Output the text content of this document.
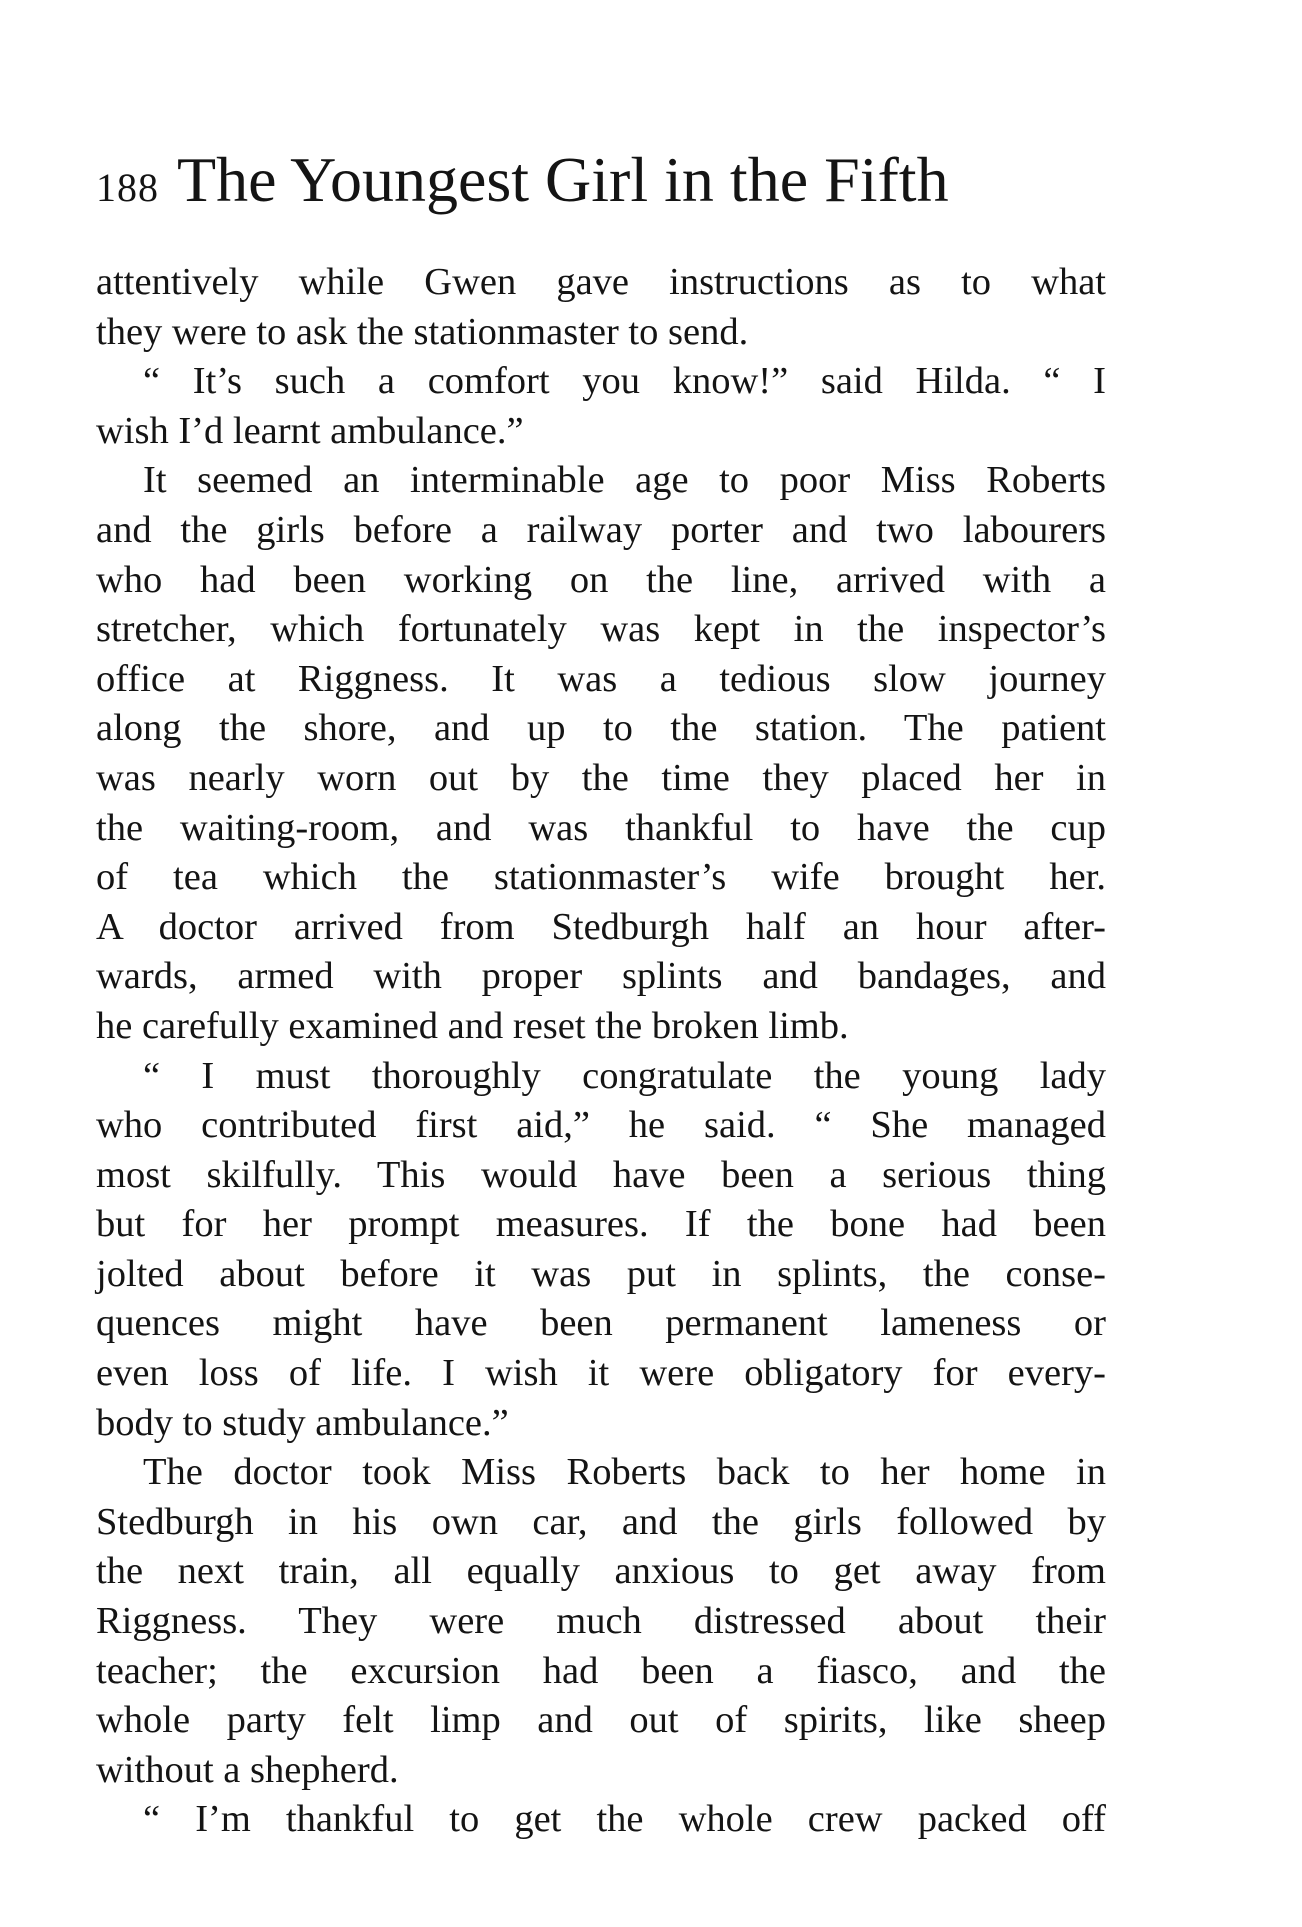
188 The Youngest Girl in the Fifth
attentively while Gwen gave instructions as to what
they were to ask the stationmaster to send.
“ It’s such a comfort you know!” said Hilda. “ I
wish I’d learnt ambulance.”
It seemed an interminable age to poor Miss Roberts
and the girls before a railway porter and two labourers
who had been working on the line, arrived with a
stretcher, which fortunately was kept in the inspector’s
office at Riggness. It was a tedious slow journey
along the shore, and up to the station. The patient
was nearly worn out by the time they placed her in
the waiting-room, and was thankful to have the cup
of tea which the stationmaster’s wife brought her.
A doctor arrived from Stedburgh half an hour after-
wards, armed with proper splints and bandages, and
he carefully examined and reset the broken limb.
“ I must thoroughly congratulate the young lady
who contributed first aid,” he said. “ She managed
most skilfully. This would have been a serious thing
but for her prompt measures. If the bone had been
jolted about before it was put in splints, the conse-
quences might have been permanent lameness or
even loss of life. I wish it were obligatory for every-
body to study ambulance.”
The doctor took Miss Roberts back to her home in
Stedburgh in his own car, and the girls followed by
the next train, all equally anxious to get away from
Riggness. They were much distressed about their
teacher; the excursion had been a fiasco, and the
whole party felt limp and out of spirits, like sheep
without a shepherd.
“ I’m thankful to get the whole crew packed off
